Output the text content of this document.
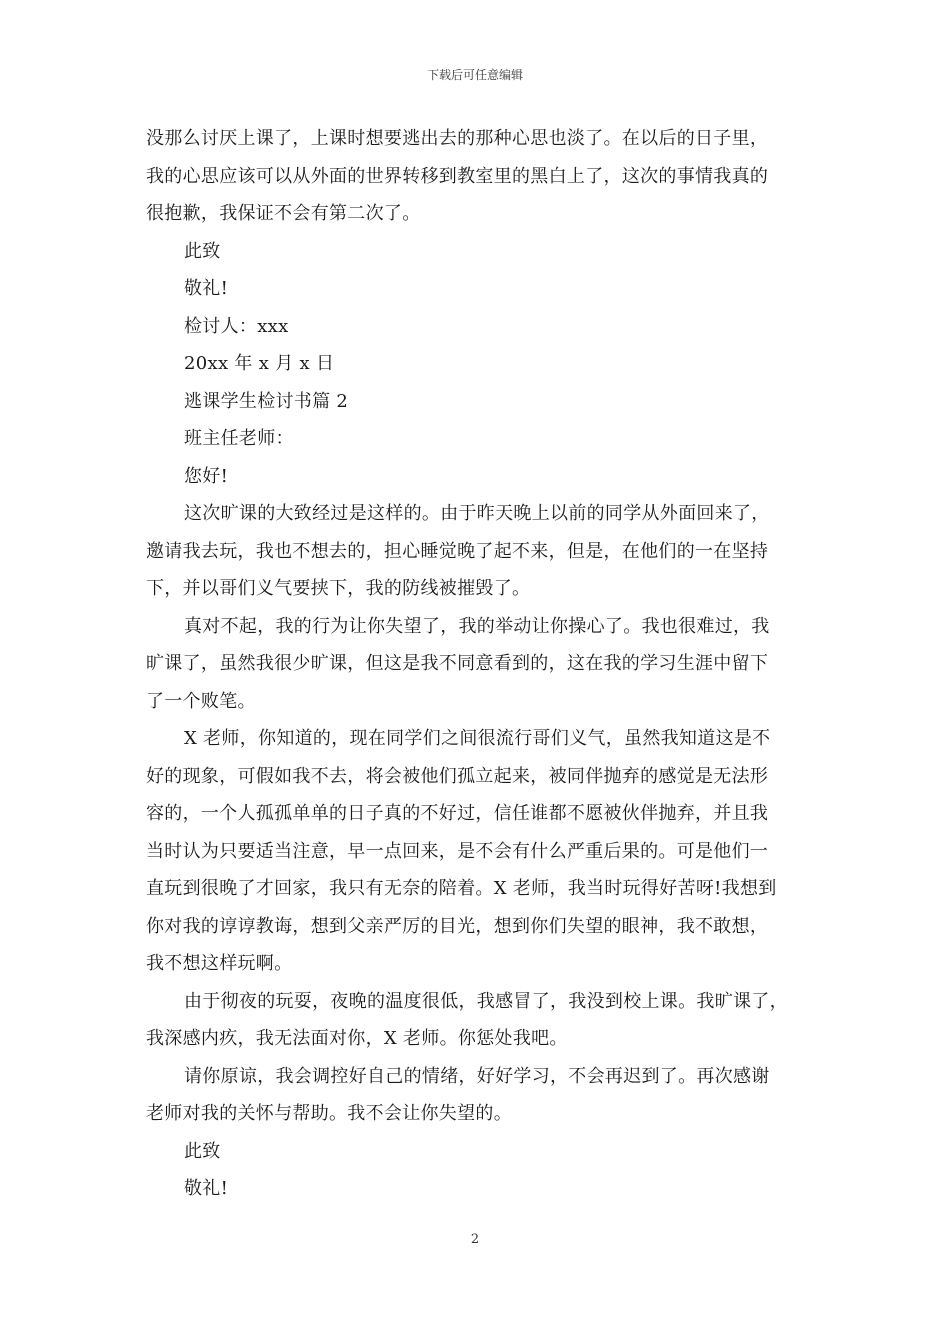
下载后可任意编辑
没那么讨厌上课了，上课时想要逃出去的那种心思也淡了。在以后的日子里，
我的心思应该可以从外面的世界转移到教室里的黑白上了，这次的事情我真的
很抱歉，我保证不会有第二次了。
此致
敬礼!
检讨人：xxx
20xx 年 x 月 x 日
逃课学生检讨书篇 2
班主任老师：
您好!
这次旷课的大致经过是这样的。由于昨天晚上以前的同学从外面回来了，
邀请我去玩，我也不想去的，担心睡觉晚了起不来，但是，在他们的一在坚持
下，并以哥们义气要挟下，我的防线被摧毁了。
真对不起，我的行为让你失望了，我的举动让你操心了。我也很难过，我
旷课了，虽然我很少旷课，但这是我不同意看到的，这在我的学习生涯中留下
了一个败笔。
X 老师，你知道的，现在同学们之间很流行哥们义气，虽然我知道这是不
好的现象，可假如我不去，将会被他们孤立起来，被同伴抛弃的感觉是无法形
容的，一个人孤孤单单的日子真的不好过，信任谁都不愿被伙伴抛弃，并且我
当时认为只要适当注意，早一点回来，是不会有什么严重后果的。可是他们一
直玩到很晚了才回家，我只有无奈的陪着。X 老师，我当时玩得好苦呀!我想到
你对我的谆谆教诲，想到父亲严厉的目光，想到你们失望的眼神，我不敢想，
我不想这样玩啊。
由于彻夜的玩耍，夜晚的温度很低，我感冒了，我没到校上课。我旷课了，
我深感内疚，我无法面对你，X 老师。你惩处我吧。
请你原谅，我会调控好自己的情绪，好好学习，不会再迟到了。再次感谢
老师对我的关怀与帮助。我不会让你失望的。
此致
敬礼!
2
